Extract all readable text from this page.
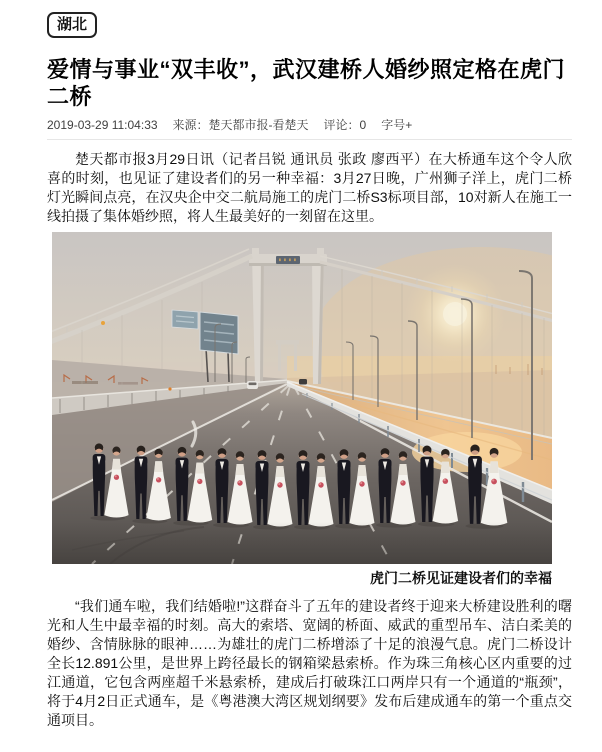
湖北
爱情与事业“双丰收”，武汉建桥人婚纱照定格在虎门二桥
2019-03-29 11:04:33 来源：楚天都市报-看楚天 评论：0 字号+

楚天都市报3月29日讯（记者吕锐 通讯员 张政 廖西平）在大桥通车这个令人欣喜的时刻，也见证了建设者们的另一种幸福：3月27日晚，广州狮子洋上，虎门二桥灯光瞬间点亮，在汉央企中交二航局施工的虎门二桥S3标项目部，10对新人在施工一线拍摄了集体婚纱照，将人生最美好的一刻留在这里。

虎门二桥见证建设者们的幸福

“我们通车啦，我们结婚啦!”这群奋斗了五年的建设者终于迎来大桥建设胜利的曙光和人生中最幸福的时刻。高大的索塔、宽阔的桥面、威武的重型吊车、洁白柔美的婚纱、含情脉脉的眼神……为雄壮的虎门二桥增添了十足的浪漫气息。虎门二桥设计全长12.891公里，是世界上跨径最长的钢箱梁悬索桥。作为珠三角核心区内重要的过江通道，它包含两座超千米悬索桥，建成后打破珠江口两岸只有一个通道的“瓶颈”，将于4月2日正式通车，是《粤港澳大湾区规划纲要》发布后建成通车的第一个重点交通项目。
